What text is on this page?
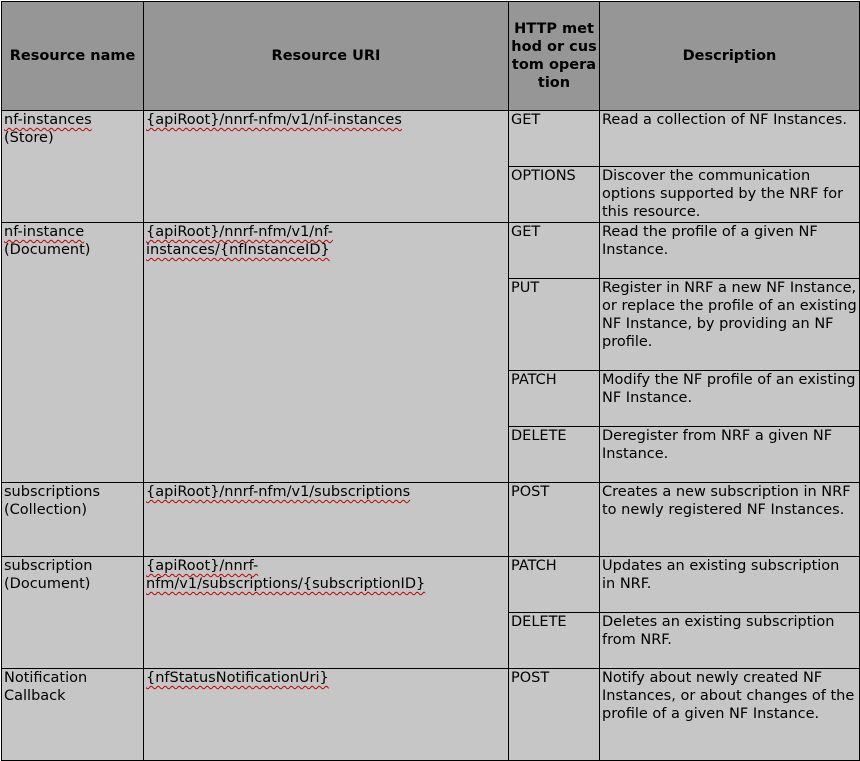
Resource name	Resource URI	HTTP method or custom operation	Description

nf-instances
(Store)	{apiRoot}/nnrf-nfm/v1/nf-instances	GET	Read a collection of NF Instances.
		OPTIONS	Discover the communication options supported by the NRF for this resource.

nf-instance
(Document)	{apiRoot}/nnrf-nfm/v1/nf-instances/{nfInstanceID}	GET	Read the profile of a given NF Instance.
		PUT	Register in NRF a new NF Instance, or replace the profile of an existing NF Instance, by providing an NF profile.
		PATCH	Modify the NF profile of an existing NF Instance.
		DELETE	Deregister from NRF a given NF Instance.

subscriptions
(Collection)	{apiRoot}/nnrf-nfm/v1/subscriptions	POST	Creates a new subscription in NRF to newly registered NF Instances.

subscription
(Document)	{apiRoot}/nnrf-nfm/v1/subscriptions/{subscriptionID}	PATCH	Updates an existing subscription in NRF.
		DELETE	Deletes an existing subscription from NRF.

Notification
Callback	{nfStatusNotificationUri}	POST	Notify about newly created NF Instances, or about changes of the profile of a given NF Instance.
